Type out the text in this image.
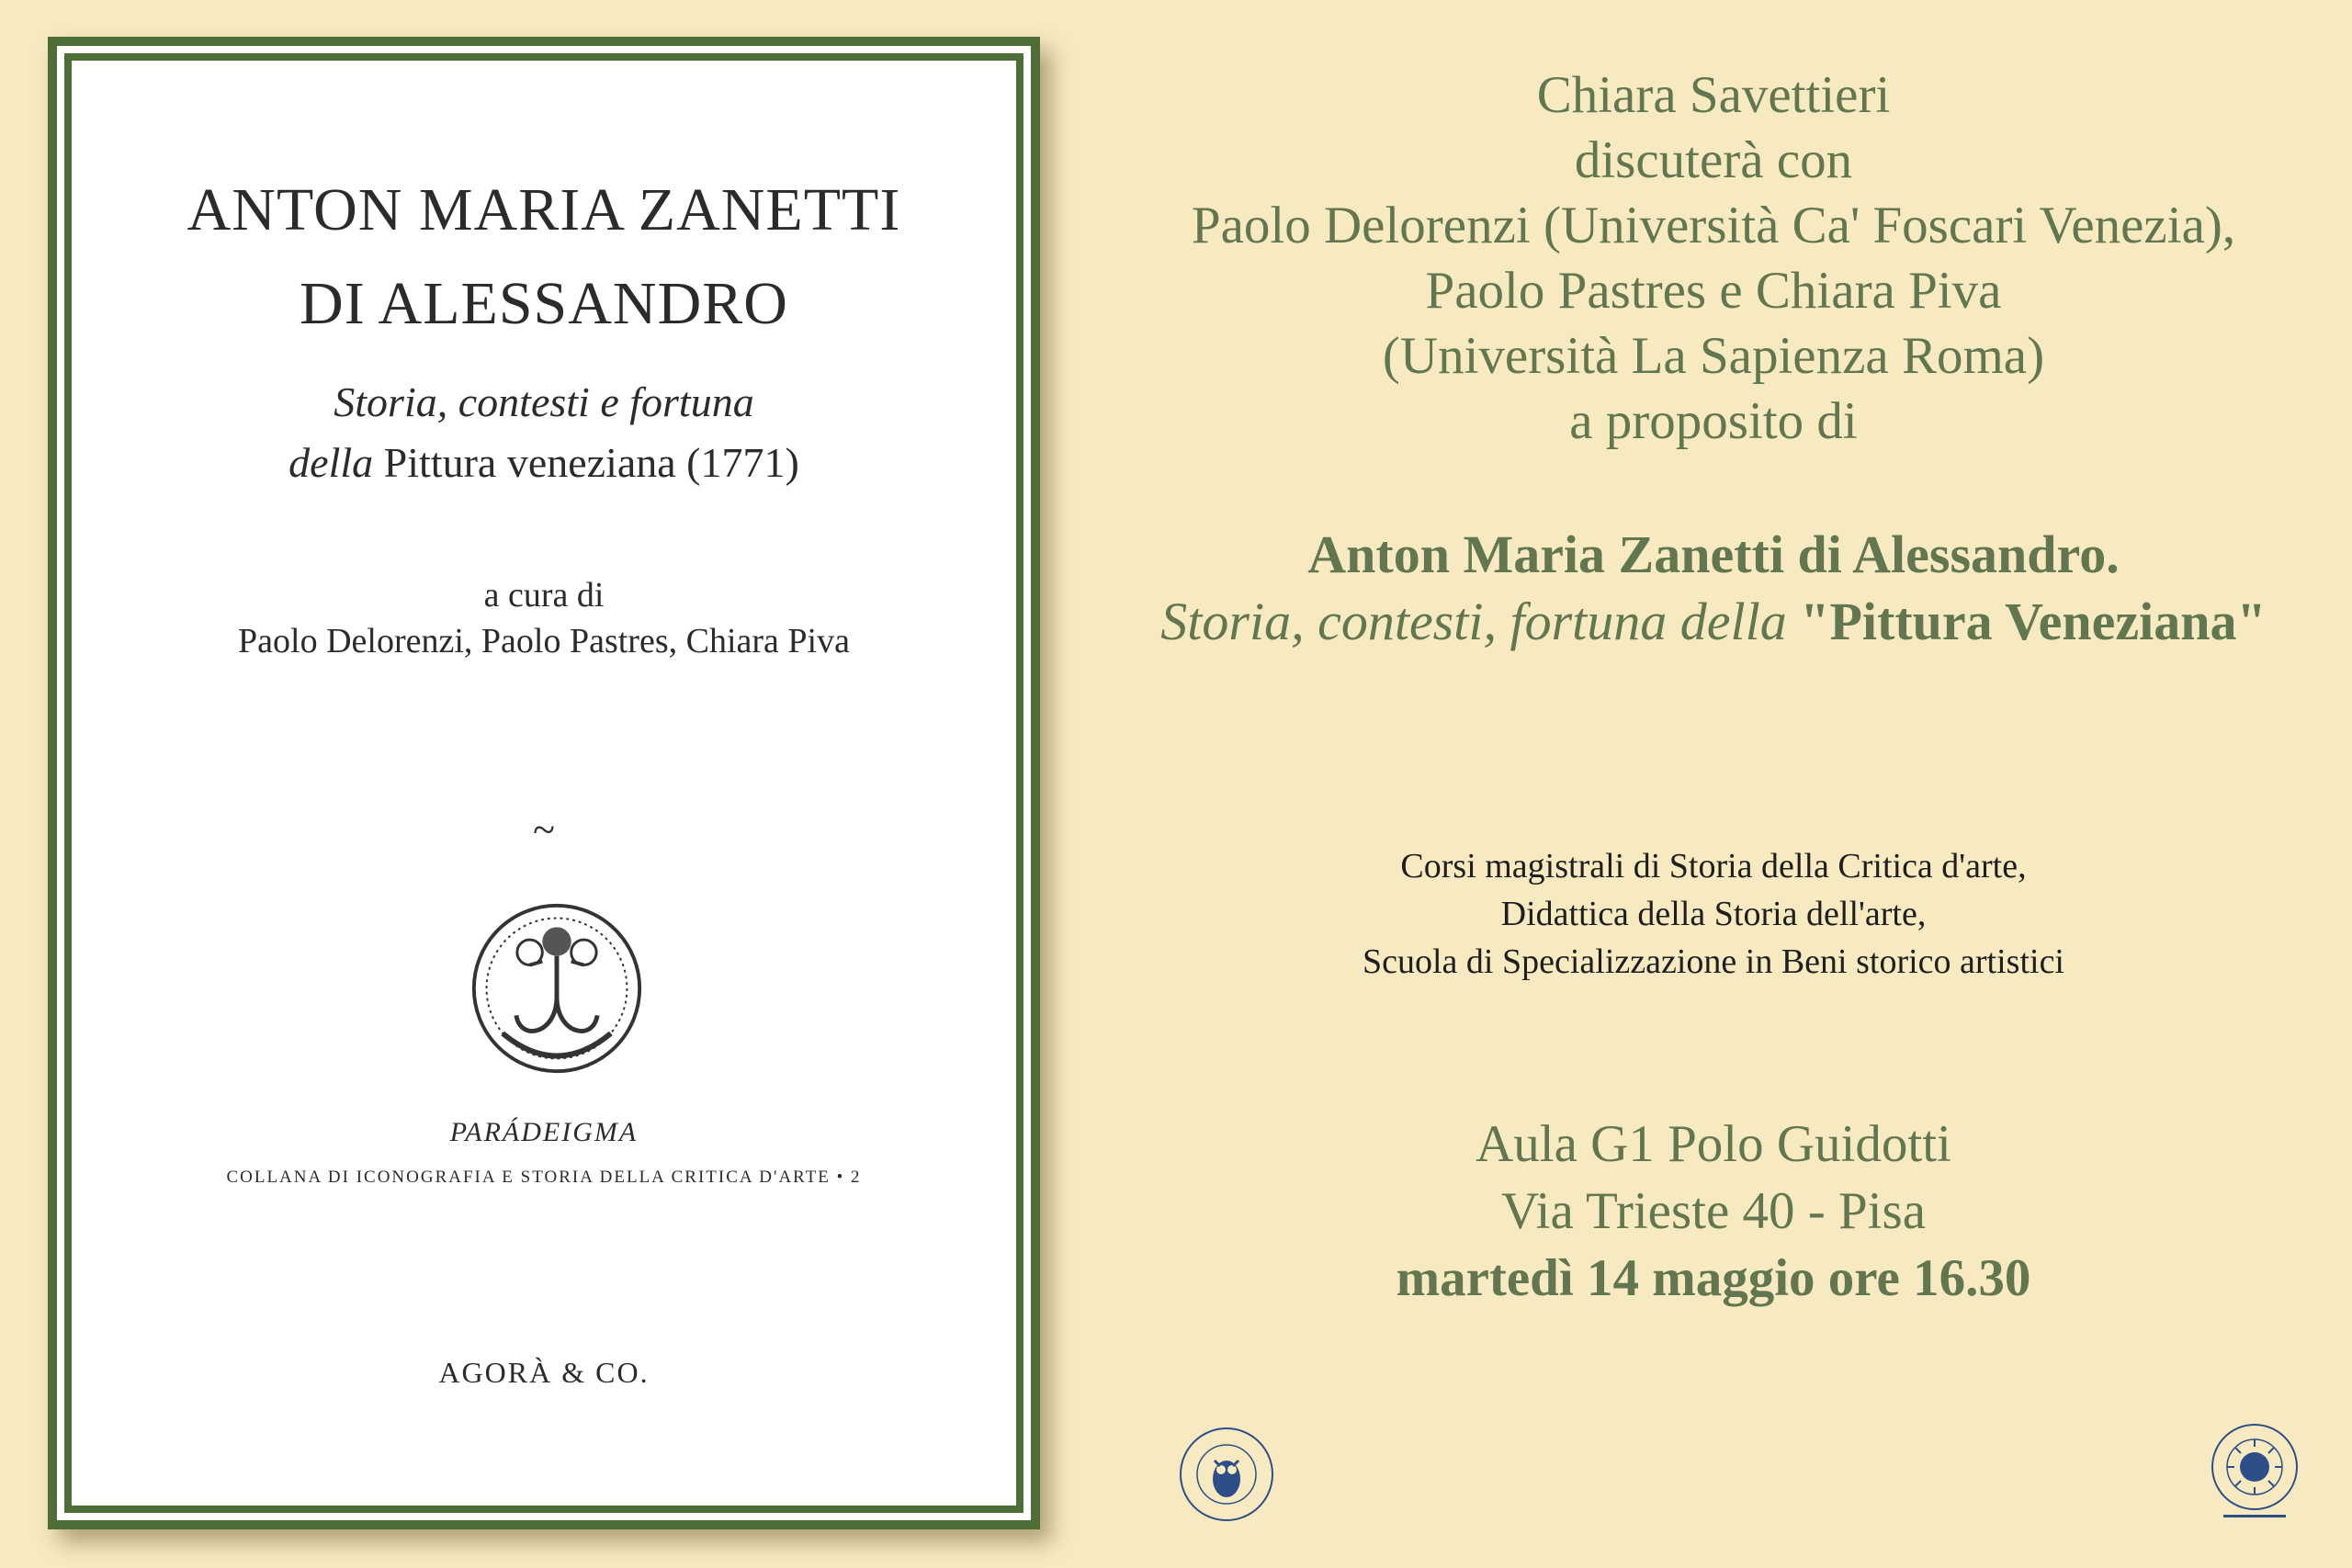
ANTON MARIA ZANETTI
DI ALESSANDRO
Storia, contesti e fortuna
della Pittura veneziana (1771)
a cura di
Paolo Delorenzi, Paolo Pastres, Chiara Piva
~
PARÁDEIGMA
COLLANA DI ICONOGRAFIA E STORIA DELLA CRITICA D'ARTE • 2
AGORÀ & CO.
Chiara Savettieri
discuterà con
Paolo Delorenzi (Università Ca' Foscari Venezia),
Paolo Pastres e Chiara Piva
(Università La Sapienza Roma)
a proposito di
Anton Maria Zanetti di Alessandro.
Storia, contesti, fortuna della "Pittura Veneziana"
Corsi magistrali di Storia della Critica d'arte,
Didattica della Storia dell'arte,
Scuola di Specializzazione in Beni storico artistici
Aula G1 Polo Guidotti
Via Trieste 40 - Pisa
martedì 14 maggio ore 16.30
